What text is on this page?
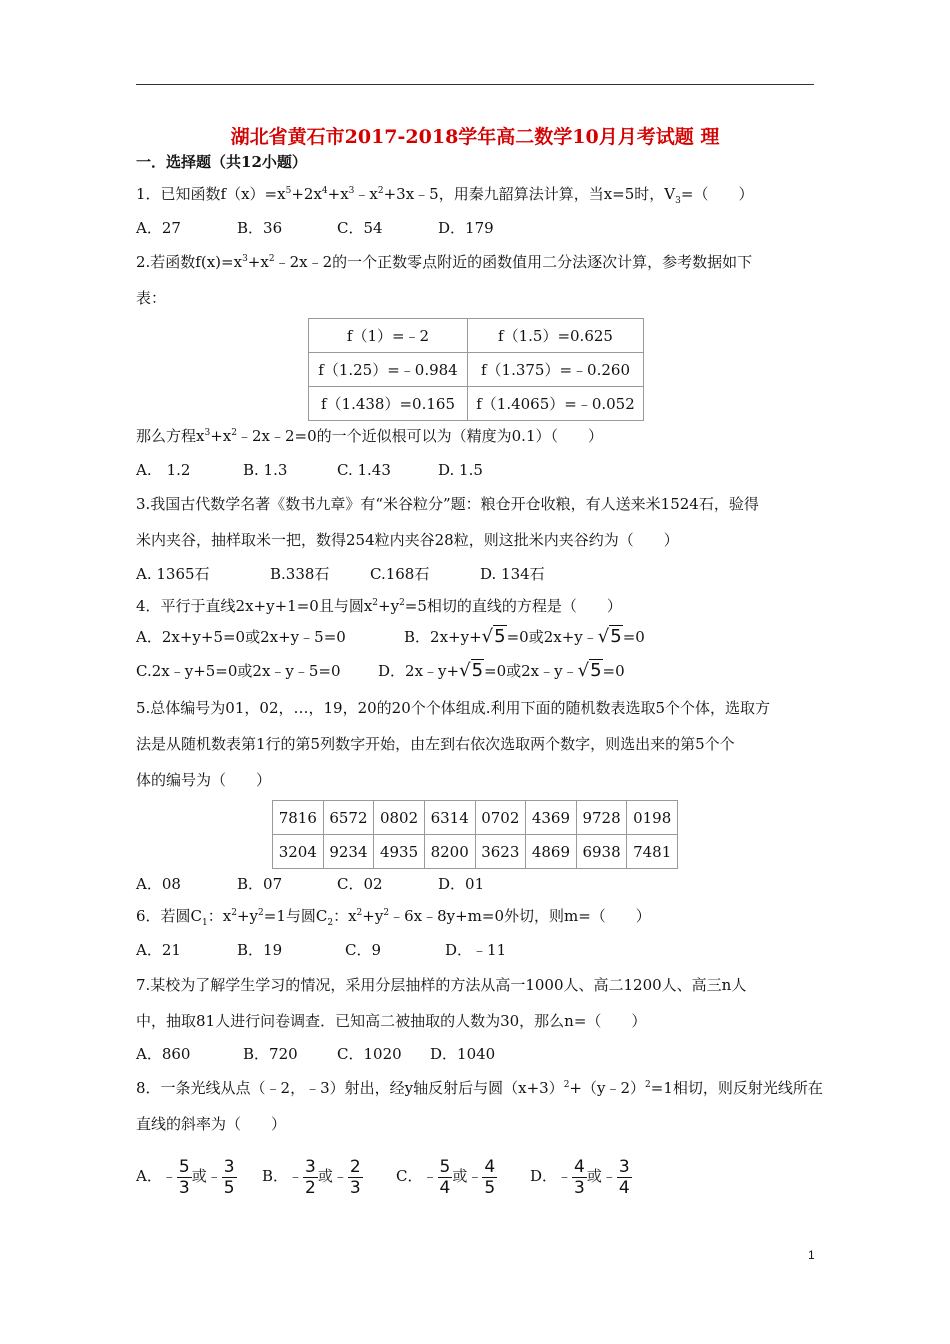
湖北省黄石市2017-2018学年高二数学10月月考试题 理
一．选择题（共12小题）
1．已知函数$f(x)=x^5+2x^4+x^3﹣x^2+3x﹣5$，用秦九韶算法计算，当x=5时，$V_3=$（　　）
A．27	B．36	C．54	D．179
2.若函数$f(x)=x^3+x^2﹣2x﹣2$的一个正数零点附近的函数值用二分法逐次计算，参考数据如下
表：
f（1）=﹣2	f（1.5）=0.625
f（1.25）=﹣0.984	f（1.375）=﹣0.260
f（1.438）=0.165	f（1.4065）=﹣0.052
那么方程$x^3+x^2﹣2x﹣2=0$的一个近似根可以为（精度为0.1）（　　）
A.　1.2	B. 1.3	C. 1.43	D. 1.5
3.我国古代数学名著《数书九章》有“米谷粒分”题：粮仓开仓收粮，有人送来米1524石，验得
米内夹谷，抽样取米一把，数得254粒内夹谷28粒，则这批米内夹谷约为（　　）
A. 1365石	B.338石	C.168石	D. 134石
4．平行于直线2x+y+1=0且与圆$x^2+y^2=5$相切的直线的方程是（　　）
A．2x+y+5=0或2x+y﹣5=0	B．2x+y+√5=0或2x+y﹣√5=0
C.2x﹣y+5=0或2x﹣y﹣5=0 D．2x﹣y+√5=0或2x﹣y﹣√5=0
5.总体编号为01，02，…，19，20的20个个体组成.利用下面的随机数表选取5个个体，选取方
法是从随机数表第1行的第5列数字开始，由左到右依次选取两个数字，则选出来的第5个个
体的编号为（　　）
7816	6572	0802	6314	0702	4369	9728	0198
3204	9234	4935	8200	3623	4869	6938	7481
A．08	B．07	C．02	D．01
6．若圆$C_1$：$x^2+y^2=1$与圆$C_2$：$x^2+y^2﹣6x﹣8y+m=0$外切，则m=（　　）
A．21	B．19	C．9	D．﹣11
7.某校为了解学生学习的情况，采用分层抽样的方法从高一1000人、高二1200人、高三n人
中，抽取81人进行问卷调查．已知高二被抽取的人数为30，那么n=（　　）
A．860	B．720	C．1020 D．1040
8．一条光线从点（﹣2，﹣3）射出，经y轴反射后与圆$(x+3)^2+(y﹣2)^2=1$相切，则反射光线所在
直线的斜率为（　　）
A．﹣ $\frac{5}{3}$ 或﹣ $\frac{3}{5}$ B．﹣ $\frac{3}{2}$ 或﹣ $\frac{2}{3}$ C．﹣ $\frac{5}{4}$ 或﹣ $\frac{4}{5}$ D．﹣ $\frac{4}{3}$ 或﹣ $\frac{3}{4}$
1
